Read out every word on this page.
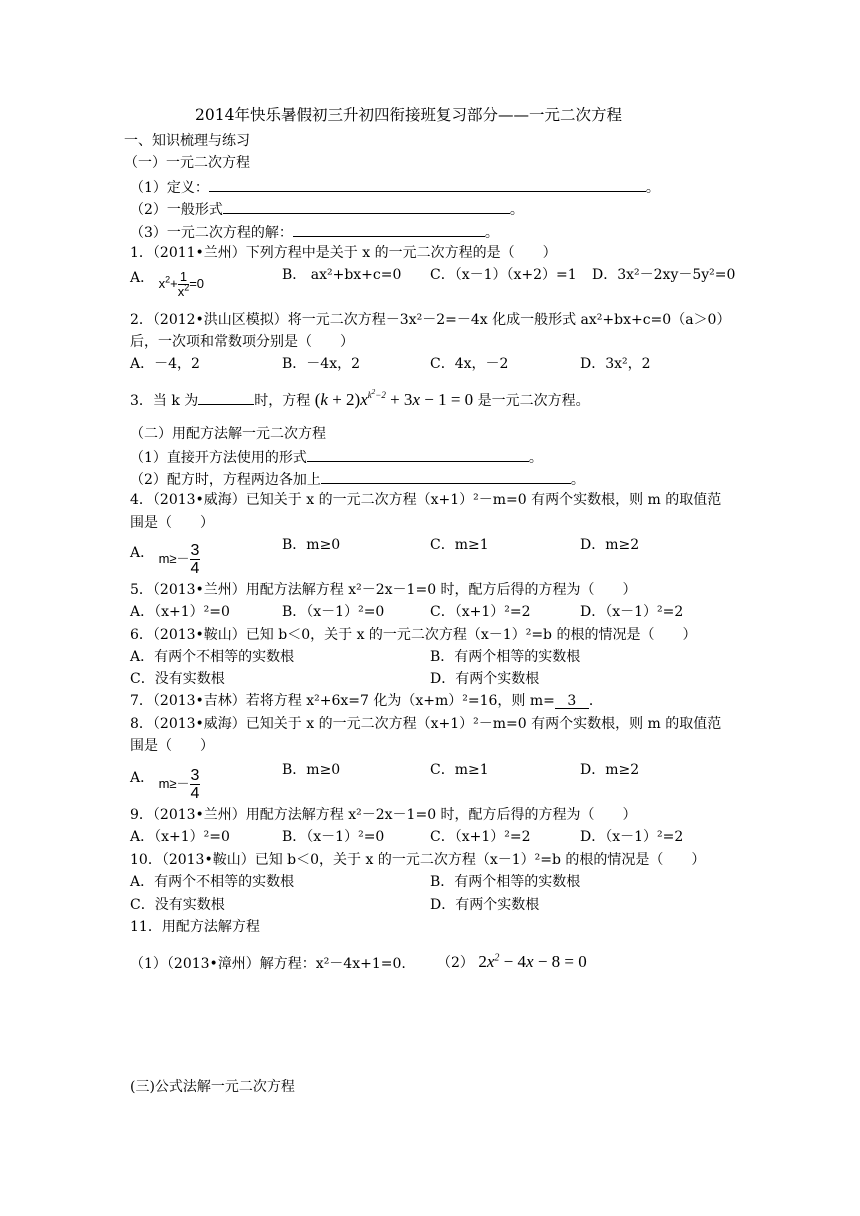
2014年快乐暑假初三升初四衔接班复习部分——一元二次方程
一、知识梳理与练习
（一）一元二次方程
（1）定义：	。
（2）一般形式	。
（3）一元二次方程的解：	。
1．（2011•兰州）下列方程中是关于 x 的一元二次方程的是（　　）
A． $x^2+ \frac{1}{x^2} =0$
B． ax²+bx+c=0 C．（x－1）（x+2）=1 D．3x²－2xy－5y²=0
2．（2012•洪山区模拟）将一元二次方程－3x²－2=－4x 化成一般形式 ax²+bx+c=0（a＞0）
后，一次项和常数项分别是（　　）
A．－4，2	B．－4x，2	C．4x，－2	D．3x²，2
3．当 k 为	时，方程 $(k + 2)x^{k^2-2} + 3x - 1 = 0$ 是一元二次方程。
（二）用配方法解一元二次方程
（1）直接开方法使用的形式	。
（2）配方时，方程两边各加上	。
4．（2013•威海）已知关于 x 的一元二次方程（x+1）²－m=0 有两个实数根，则 m 的取值范
围是（　　）
A． $m\ge- \frac{3}{4}$	B．m≥0	C．m≥1	D．m≥2
5．（2013•兰州）用配方法解方程 x²－2x－1=0 时，配方后得的方程为（　　）
A．（x+1）²=0	B．（x－1）²=0	C．（x+1）²=2	D．（x－1）²=2
6．（2013•鞍山）已知 b＜0，关于 x 的一元二次方程（x－1）²=b 的根的情况是（　　）
A．有两个不相等的实数根	B．有两个相等的实数根
C．没有实数根	D．有两个实数根
7．（2013•吉林）若将方程 x²+6x=7 化为（x+m）²=16，则 m= 3 ．
8．（2013•威海）已知关于 x 的一元二次方程（x+1）²－m=0 有两个实数根，则 m 的取值范
围是（　　）
A． $m\ge- \frac{3}{4}$	B．m≥0	C．m≥1	D．m≥2
9．（2013•兰州）用配方法解方程 x²－2x－1=0 时，配方后得的方程为（　　）
A．（x+1）²=0	B．（x－1）²=0	C．（x+1）²=2	D．（x－1）²=2
10．（2013•鞍山）已知 b＜0，关于 x 的一元二次方程（x－1）²=b 的根的情况是（　　）
A．有两个不相等的实数根	B．有两个相等的实数根
C．没有实数根	D．有两个实数根
11．用配方法解方程
（1）（2013•漳州）解方程：x²－4x+1=0. （2） $2x^2 - 4x - 8 = 0$
(三)公式法解一元二次方程
